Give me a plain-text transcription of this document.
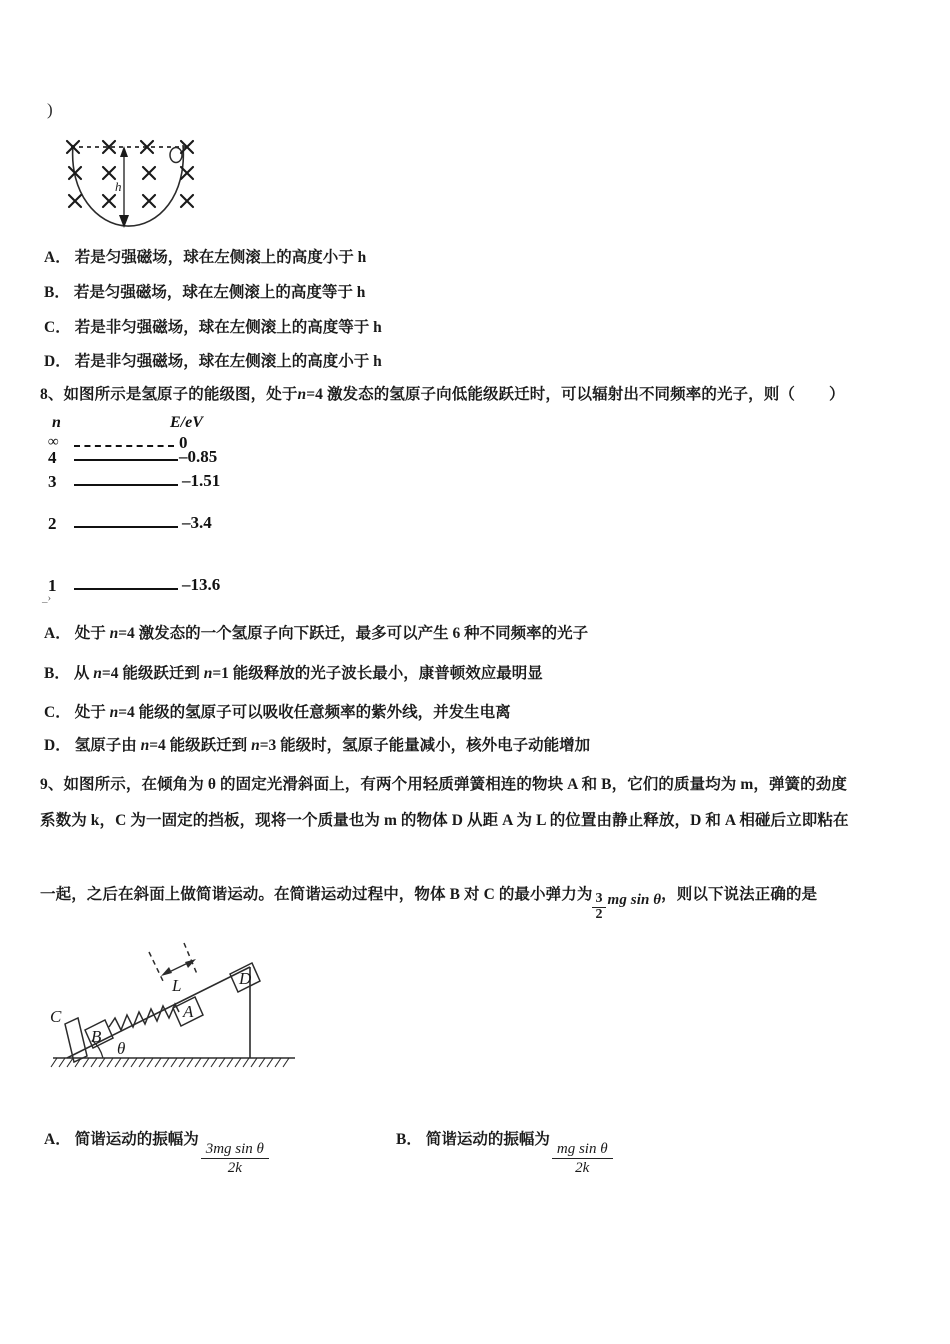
)
h
A． 若是匀强磁场，球在左侧滚上的高度小于 h
B． 若是匀强磁场，球在左侧滚上的高度等于 h
C． 若是非匀强磁场，球在左侧滚上的高度等于 h
D． 若是非匀强磁场，球在左侧滚上的高度小于 h
8、如图所示是氢原子的能级图，处于n=4 激发态的氢原子向低能级跃迁时，可以辐射出不同频率的光子，则（ ）
n	E/eV
∞	0
4	–0.85
3	–1.51
2	–3.4
1	–13.6
_›
A． 处于 n=4 激发态的一个氢原子向下跃迁，最多可以产生 6 种不同频率的光子
B． 从 n=4 能级跃迁到 n=1 能级释放的光子波长最小，康普顿效应最明显
C． 处于 n=4 能级的氢原子可以吸收任意频率的紫外线，并发生电离
D． 氢原子由 n=4 能级跃迁到 n=3 能级时，氢原子能量减小，核外电子动能增加
9、如图所示，在倾角为 θ 的固定光滑斜面上，有两个用轻质弹簧相连的物块 A 和 B，它们的质量均为 m，弹簧的劲度
系数为 k，C 为一固定的挡板，现将一个质量也为 m 的物体 D 从距 A 为 L 的位置由静止释放，D 和 A 相碰后立即粘在
一起，之后在斜面上做简谐运动。在简谐运动过程中，物体 B 对 C 的最小弹力为 $\frac{3}{2}$ mg sin θ ，则以下说法正确的是
C
B
A
D
L
θ
A． 简谐运动的振幅为
$\frac{\text{3mg sin θ}}{2k}$
B． 简谐运动的振幅为
$\frac{\text{mg sin θ}}{2k}$
